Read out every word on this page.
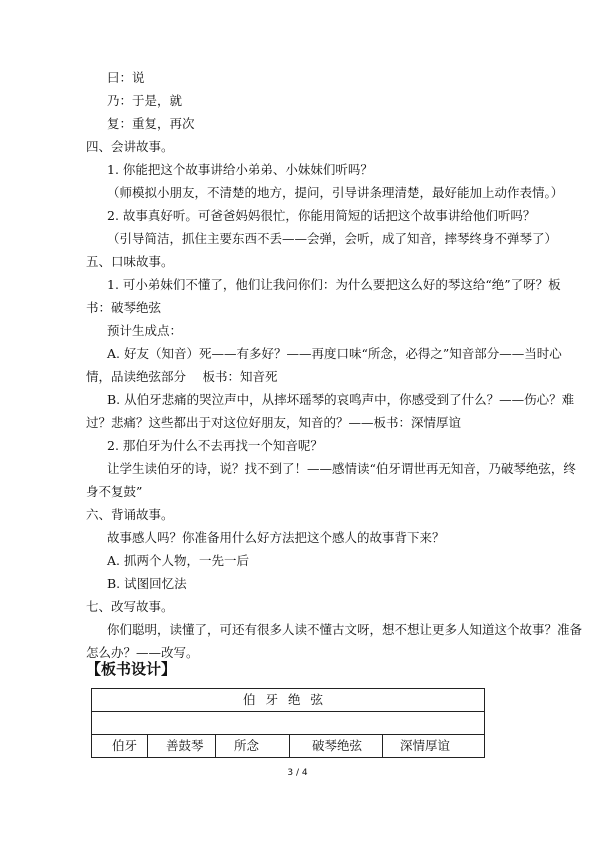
曰：说
乃：于是，就
复：重复，再次
四、会讲故事。
1. 你能把这个故事讲给小弟弟、小妹妹们听吗？
（师模拟小朋友，不清楚的地方，提问，引导讲条理清楚，最好能加上动作表情。）
2. 故事真好听。可爸爸妈妈很忙，你能用简短的话把这个故事讲给他们听吗？
（引导简洁，抓住主要东西不丢——会弹，会听，成了知音，摔琴终身不弹琴了）
五、口味故事。
1. 可小弟妹们不懂了，他们让我问你们：为什么要把这么好的琴这给“绝”了呀？板
书：破琴绝弦
预计生成点：
A. 好友（知音）死——有多好？——再度口味“所念，必得之”知音部分——当时心
情，品读绝弦部分　 板书：知音死
B. 从伯牙悲痛的哭泣声中，从摔坏瑶琴的哀鸣声中，你感受到了什么？——伤心？难
过？悲痛？这些都出于对这位好朋友，知音的？——板书：深情厚谊
2. 那伯牙为什么不去再找一个知音呢？
让学生读伯牙的诗，说？找不到了！——感情读“伯牙谓世再无知音，乃破琴绝弦，终
身不复鼓”
六、背诵故事。
故事感人吗？你准备用什么好方法把这个感人的故事背下来？
A. 抓两个人物，一先一后
B. 试图回忆法
七、改写故事。
你们聪明，读懂了，可还有很多人读不懂古文呀，想不想让更多人知道这个故事？准备
怎么办？——改写。
【板书设计】
伯牙绝弦
伯牙 善鼓琴 所念	破琴绝弦	深情厚谊
3 / 4
